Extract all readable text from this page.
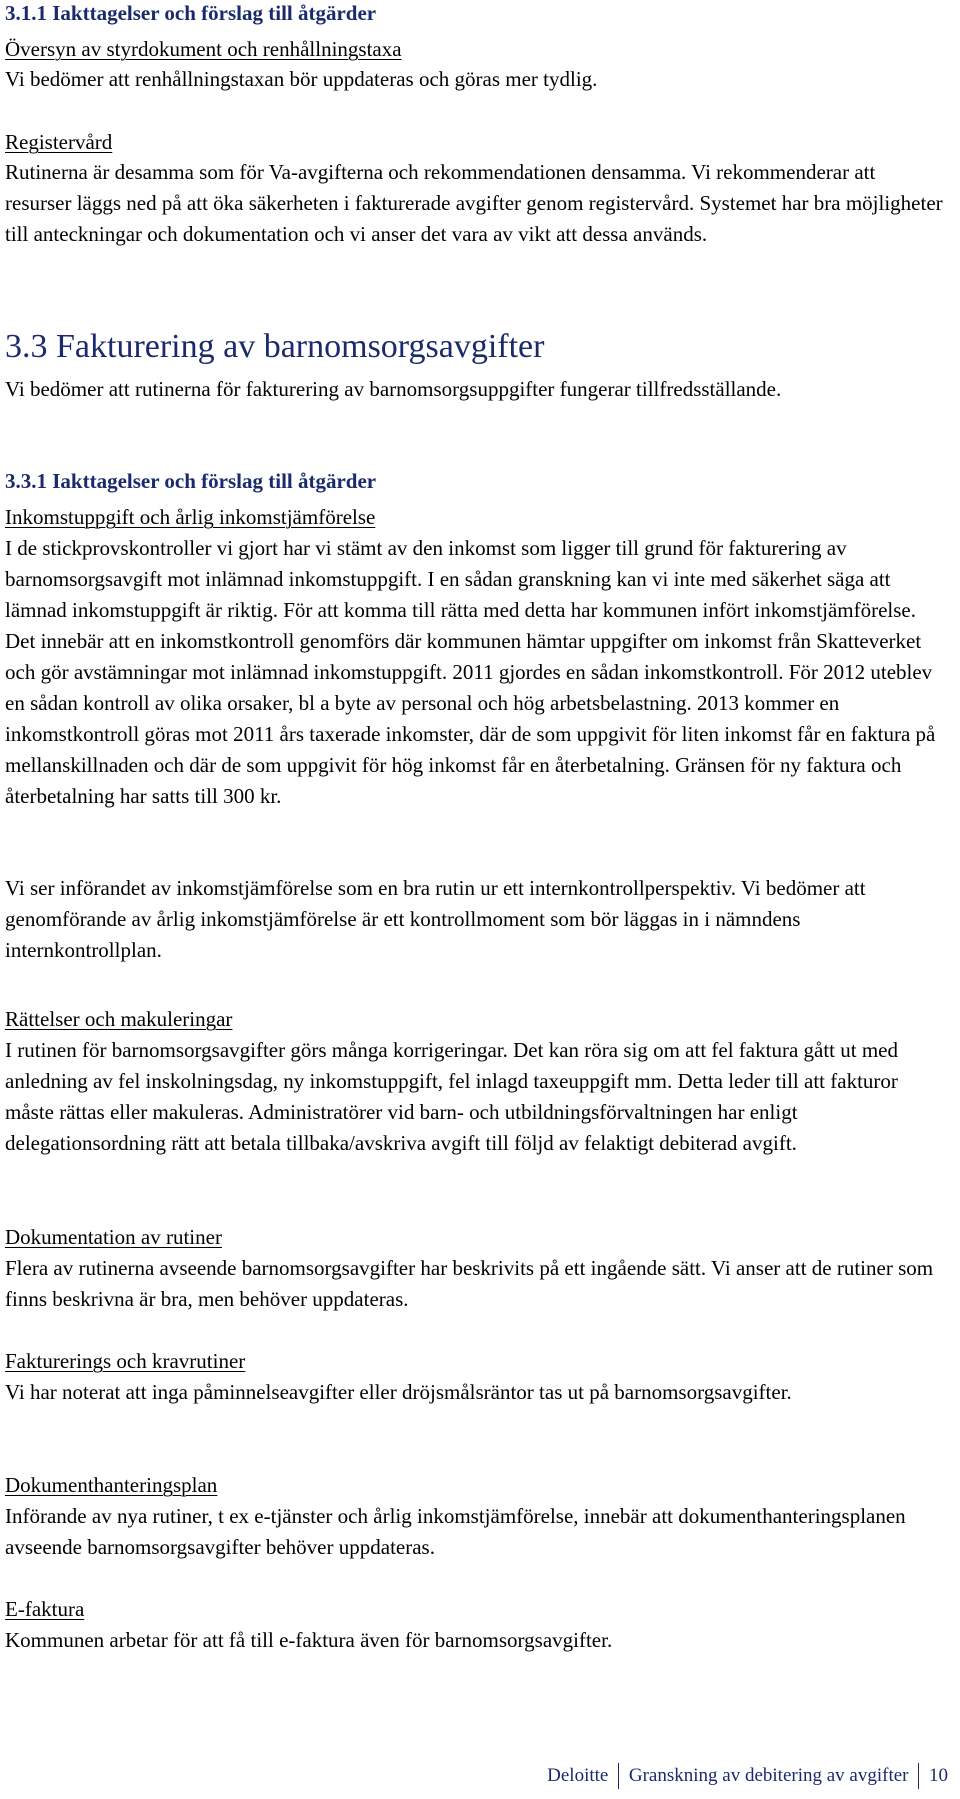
3.1.1 Iakttagelser och förslag till åtgärder
Översyn av styrdokument och renhållningstaxa

Vi bedömer att renhållningstaxan bör uppdateras och göras mer tydlig.

Registervård

Rutinerna är desamma som för Va-avgifterna och rekommendationen densamma. Vi rekommenderar att resurser läggs ned på att öka säkerheten i fakturerade avgifter genom registervård. Systemet har bra möjligheter till anteckningar och dokumentation och vi anser det vara av vikt att dessa används.

3.3 Fakturering av barnomsorgsavgifter

Vi bedömer att rutinerna för fakturering av barnomsorgsuppgifter fungerar tillfredsställande.

3.3.1 Iakttagelser och förslag till åtgärder
Inkomstuppgift och årlig inkomstjämförelse

I de stickprovskontroller vi gjort har vi stämt av den inkomst som ligger till grund för fakturering av barnomsorgsavgift mot inlämnad inkomstuppgift. I en sådan granskning kan vi inte med säkerhet säga att lämnad inkomstuppgift är riktig. För att komma till rätta med detta har kommunen infört inkomstjämförelse. Det innebär att en inkomstkontroll genomförs där kommunen hämtar uppgifter om inkomst från Skatteverket och gör avstämningar mot inlämnad inkomstuppgift. 2011 gjordes en sådan inkomstkontroll. För 2012 uteblev en sådan kontroll av olika orsaker, bl a byte av personal och hög arbetsbelastning. 2013 kommer en inkomstkontroll göras mot 2011 års taxerade inkomster, där de som uppgivit för liten inkomst får en faktura på mellanskillnaden och där de som uppgivit för hög inkomst får en återbetalning. Gränsen för ny faktura och återbetalning har satts till 300 kr.

Vi ser införandet av inkomstjämförelse som en bra rutin ur ett internkontrollperspektiv. Vi bedömer att genomförande av årlig inkomstjämförelse är ett kontrollmoment som bör läggas in i nämndens internkontrollplan.

Rättelser och makuleringar

I rutinen för barnomsorgsavgifter görs många korrigeringar. Det kan röra sig om att fel faktura gått ut med anledning av fel inskolningsdag, ny inkomstuppgift, fel inlagd taxeuppgift mm. Detta leder till att fakturor måste rättas eller makuleras. Administratörer vid barn- och utbildningsförvaltningen har enligt delegationsordning rätt att betala tillbaka/avskriva avgift till följd av felaktigt debiterad avgift.

Dokumentation av rutiner

Flera av rutinerna avseende barnomsorgsavgifter har beskrivits på ett ingående sätt. Vi anser att de rutiner som finns beskrivna är bra, men behöver uppdateras.

Fakturerings och kravrutiner

Vi har noterat att inga påminnelseavgifter eller dröjsmålsräntor tas ut på barnomsorgsavgifter.

Dokumenthanteringsplan

Införande av nya rutiner, t ex e-tjänster och årlig inkomstjämförelse, innebär att dokumenthanteringsplanen avseende barnomsorgsavgifter behöver uppdateras.

E-faktura

Kommunen arbetar för att få till e-faktura även för barnomsorgsavgifter.

Deloitte Granskning av debitering av avgifter 10
